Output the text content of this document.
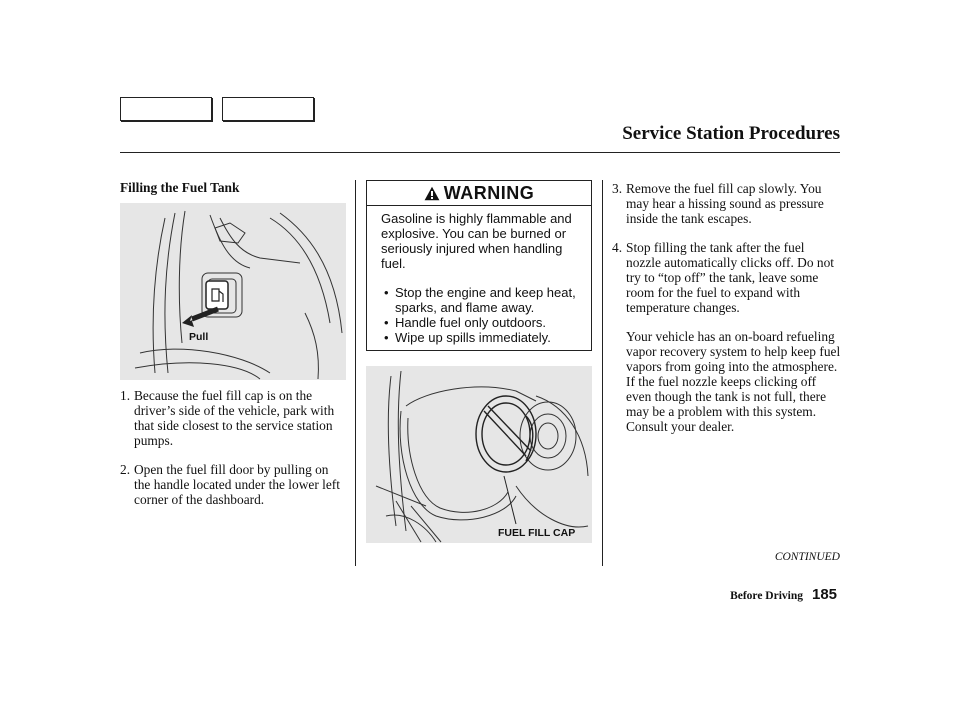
Service Station Procedures
Filling the Fuel Tank
Pull
1. Because the fuel fill cap is on the driver’s side of the vehicle, park with that side closest to the service station pumps.
2. Open the fuel fill door by pulling on the handle located under the lower left corner of the dashboard.
WARNING
Gasoline is highly flammable and explosive. You can be burned or seriously injured when handling fuel.
• Stop the engine and keep heat, sparks, and flame away.
• Handle fuel only outdoors.
• Wipe up spills immediately.
FUEL FILL CAP
3. Remove the fuel fill cap slowly. You may hear a hissing sound as pressure inside the tank escapes.
4. Stop filling the tank after the fuel nozzle automatically clicks off. Do not try to “top off” the tank, leave some room for the fuel to expand with temperature changes.
Your vehicle has an on-board refueling vapor recovery system to help keep fuel vapors from going into the atmosphere. If the fuel nozzle keeps clicking off even though the tank is not full, there may be a problem with this system. Consult your dealer.
CONTINUED
Before Driving 185
